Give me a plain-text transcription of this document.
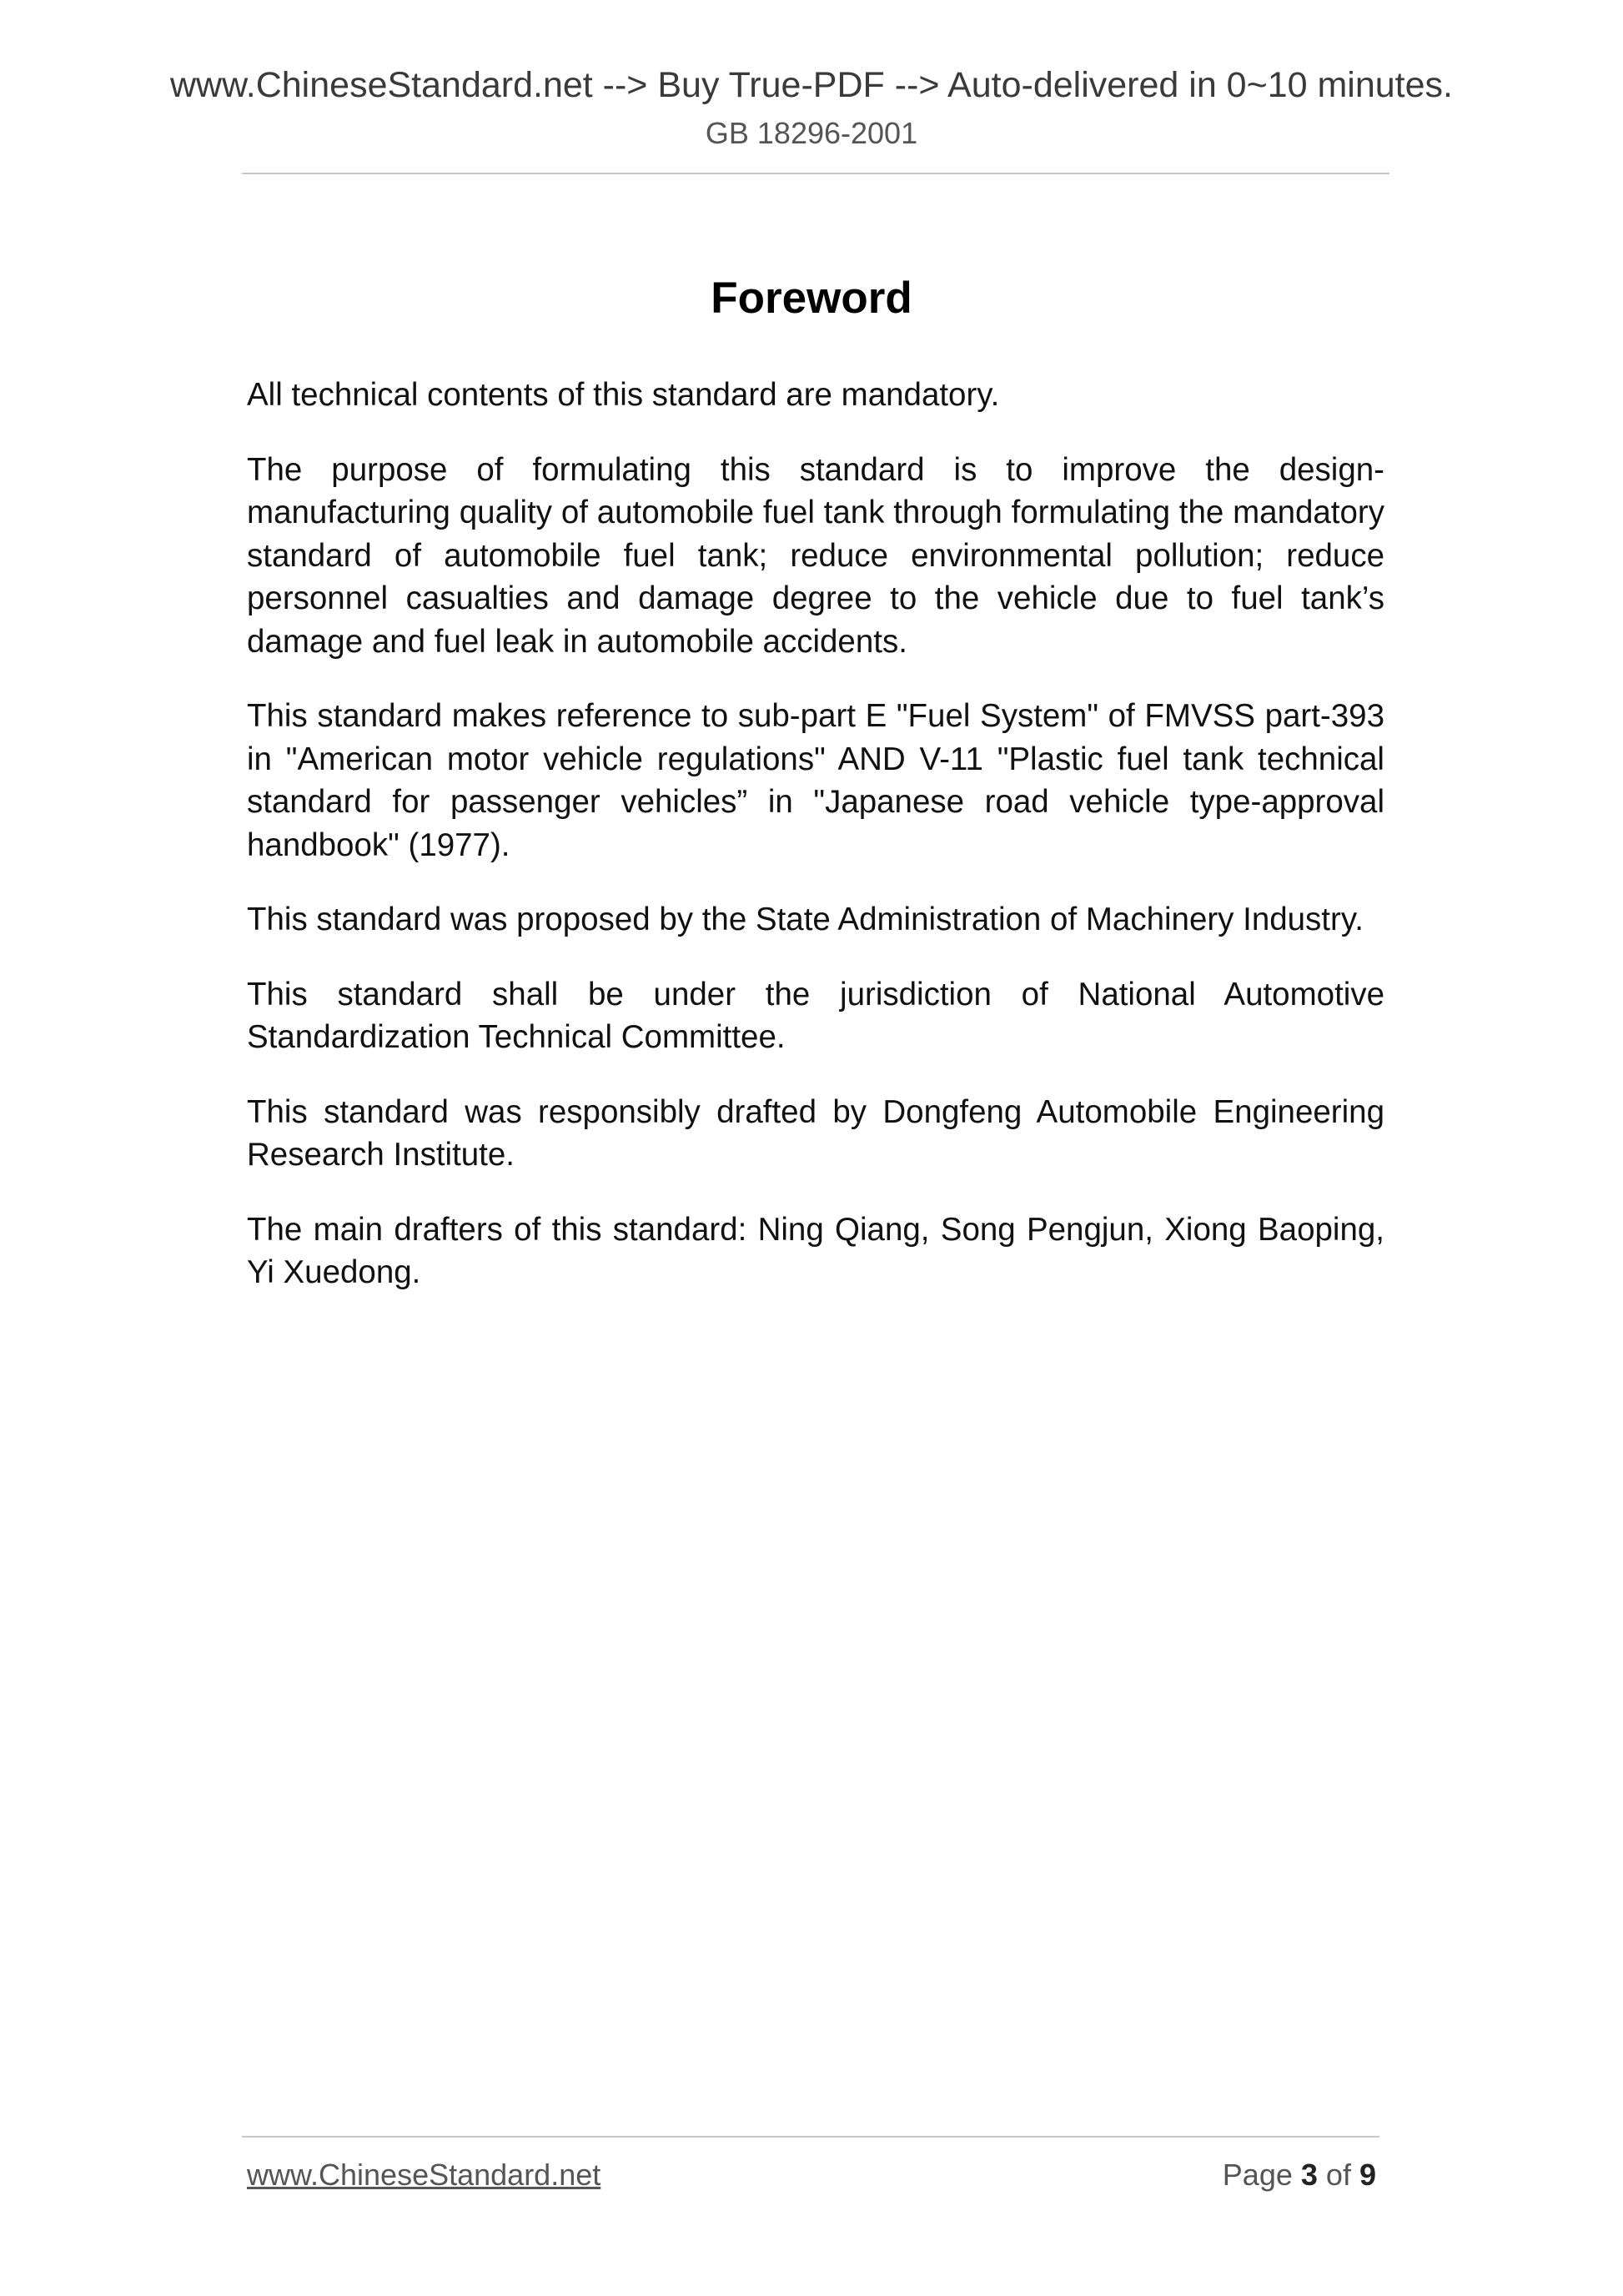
www.ChineseStandard.net --> Buy True-PDF --> Auto-delivered in 0~10 minutes.
GB 18296-2001
Foreword

All technical contents of this standard are mandatory.

The purpose of formulating this standard is to improve the design-manufacturing quality of automobile fuel tank through formulating the mandatory standard of automobile fuel tank; reduce environmental pollution; reduce personnel casualties and damage degree to the vehicle due to fuel tank’s damage and fuel leak in automobile accidents.

This standard makes reference to sub-part E "Fuel System" of FMVSS part-393 in "American motor vehicle regulations" AND V-11 "Plastic fuel tank technical standard for passenger vehicles” in "Japanese road vehicle type-approval handbook" (1977).

This standard was proposed by the State Administration of Machinery Industry.

This standard shall be under the jurisdiction of National Automotive Standardization Technical Committee.

This standard was responsibly drafted by Dongfeng Automobile Engineering Research Institute.

The main drafters of this standard: Ning Qiang, Song Pengjun, Xiong Baoping, Yi Xuedong.

www.ChineseStandard.net	Page 3 of 9
